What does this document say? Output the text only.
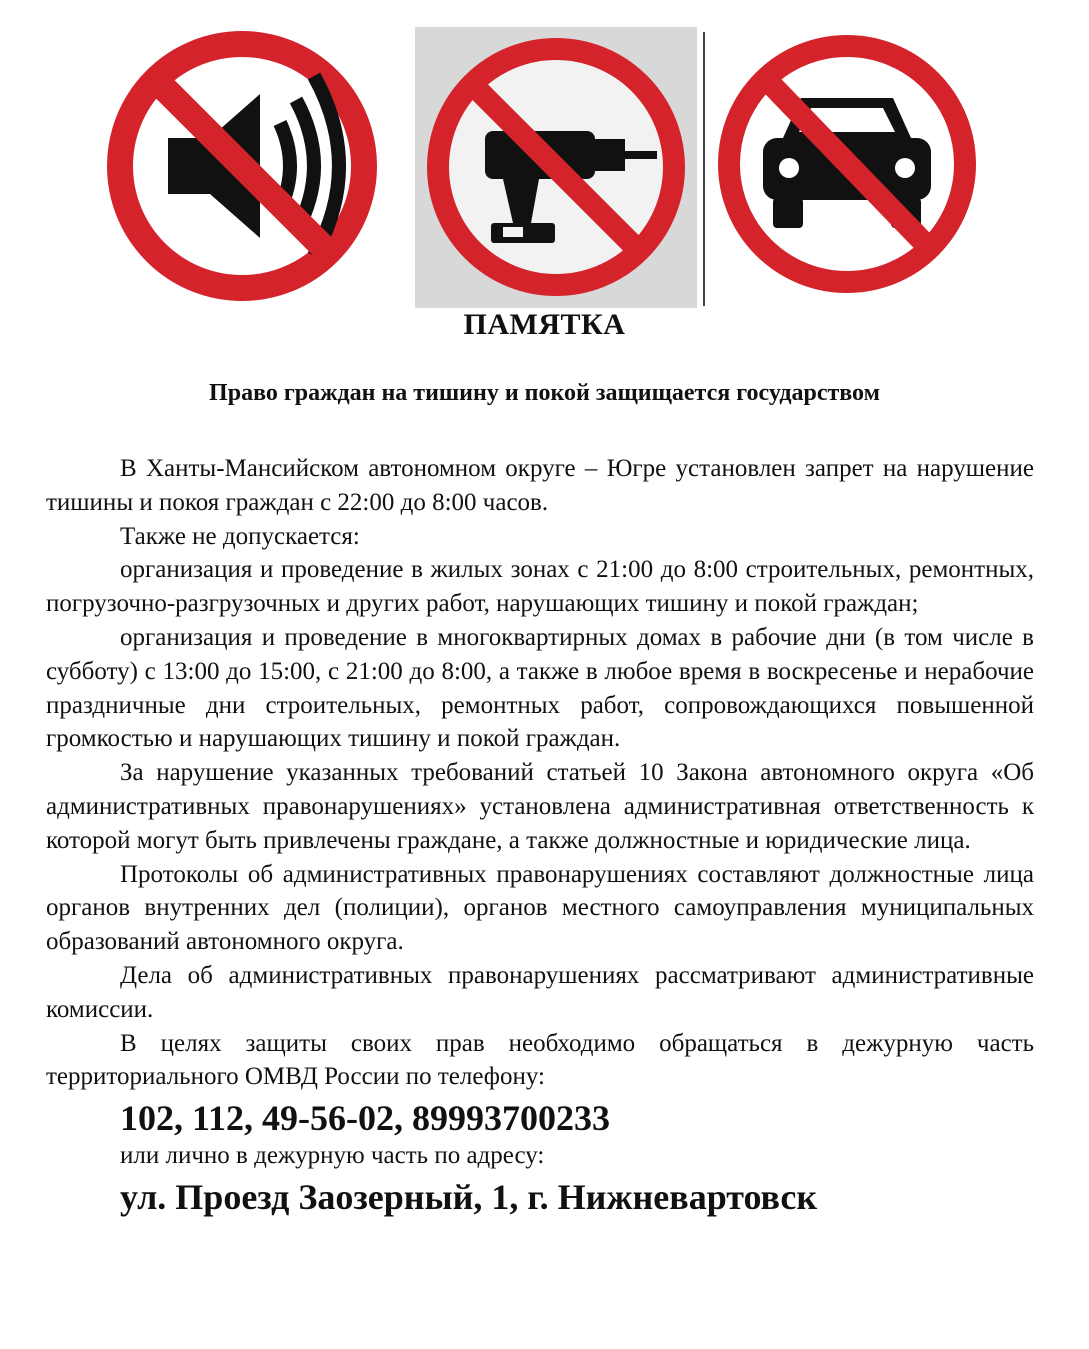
ПАМЯТКА
Право граждан на тишину и покой защищается государством

В Ханты-Мансийском автономном округе – Югре установлен запрет на нарушение тишины и покоя граждан с 22:00 до 8:00 часов.

Также не допускается:

организация и проведение в жилых зонах с 21:00 до 8:00 строительных, ремонтных, погрузочно-разгрузочных и других работ, нарушающих тишину и покой граждан;

организация и проведение в многоквартирных домах в рабочие дни (в том числе в субботу) с 13:00 до 15:00, с 21:00 до 8:00, а также в любое время в воскресенье и нерабочие праздничные дни строительных, ремонтных работ, сопровождающихся повышенной громкостью и нарушающих тишину и покой граждан.

За нарушение указанных требований статьей 10 Закона автономного округа «Об административных правонарушениях» установлена административная ответственность к которой могут быть привлечены граждане, а также должностные и юридические лица.

Протоколы об административных правонарушениях составляют должностные лица органов внутренних дел (полиции), органов местного самоуправления муниципальных образований автономного округа.

Дела об административных правонарушениях рассматривают административные комиссии.

В целях защиты своих прав необходимо обращаться в дежурную часть территориального ОМВД России по телефону:

102, 112, 49-56-02, 89993700233

или лично в дежурную часть по адресу:

ул. Проезд Заозерный, 1, г. Нижневартовск
